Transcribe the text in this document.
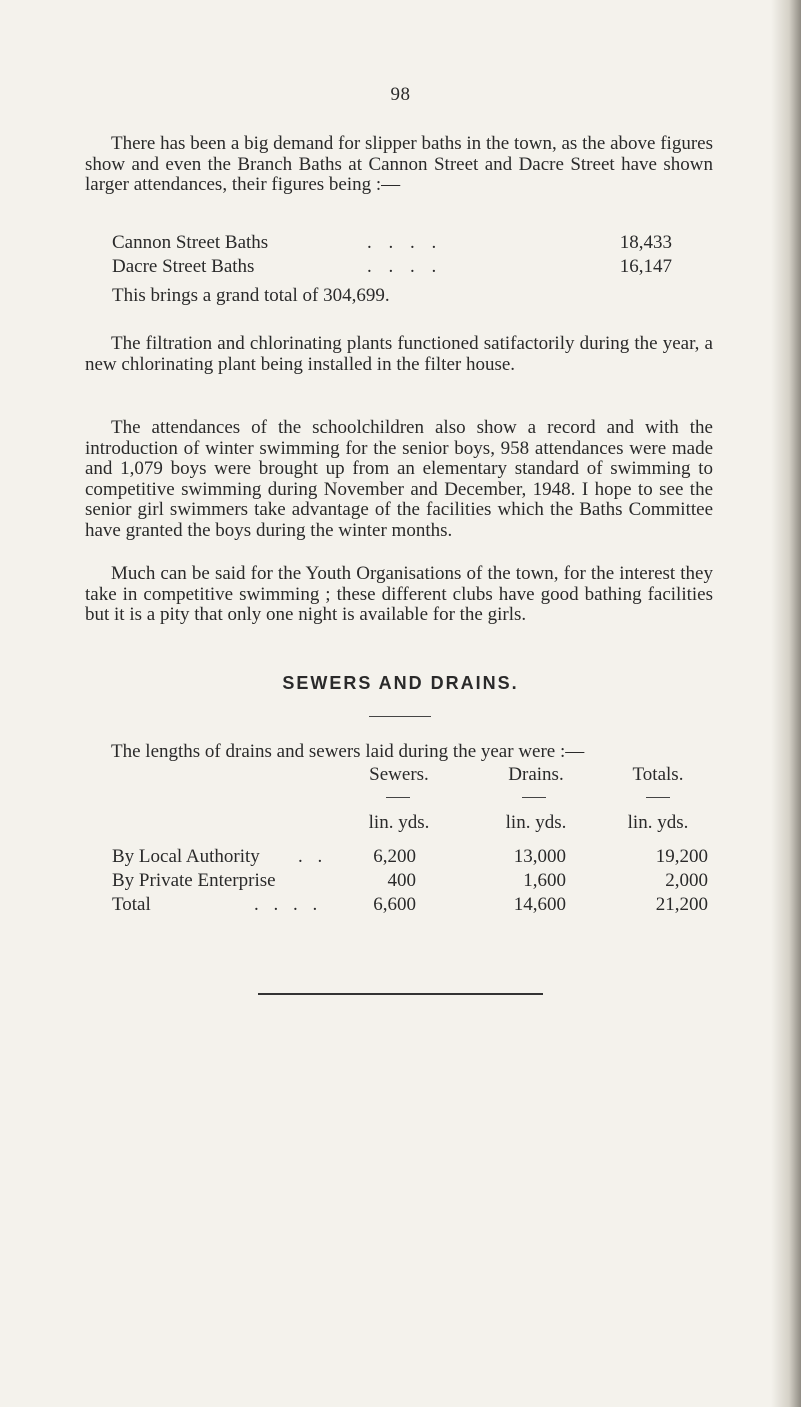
98

There has been a big demand for slipper baths in the town, as the above figures show and even the Branch Baths at Cannon Street and Dacre Street have shown larger attendances, their figures being :—

Cannon Street Baths	. . . .	18,433
Dacre Street Baths	. . . .	16,147

This brings a grand total of 304,699.

The filtration and chlorinating plants functioned satifactorily during the year, a new chlorinating plant being installed in the filter house.

The attendances of the schoolchildren also show a record and with the introduction of winter swimming for the senior boys, 958 attendances were made and 1,079 boys were brought up from an elementary standard of swimming to competitive swimming during November and December, 1948. I hope to see the senior girl swimmers take advantage of the facilities which the Baths Committee have granted the boys during the winter months.

Much can be said for the Youth Organisations of the town, for the interest they take in competitive swimming ; these different clubs have good bathing facilities but it is a pity that only one night is available for the girls.

SEWERS AND DRAINS.

The lengths of drains and sewers laid during the year were :—

Sewers.	Drains.	Totals.
lin. yds.	lin. yds.	lin. yds.
By Local Authority . .	6,200	13,000	19,200
By Private Enterprise	400	1,600	2,000
Total	. . . .	6,600	14,600	21,200
